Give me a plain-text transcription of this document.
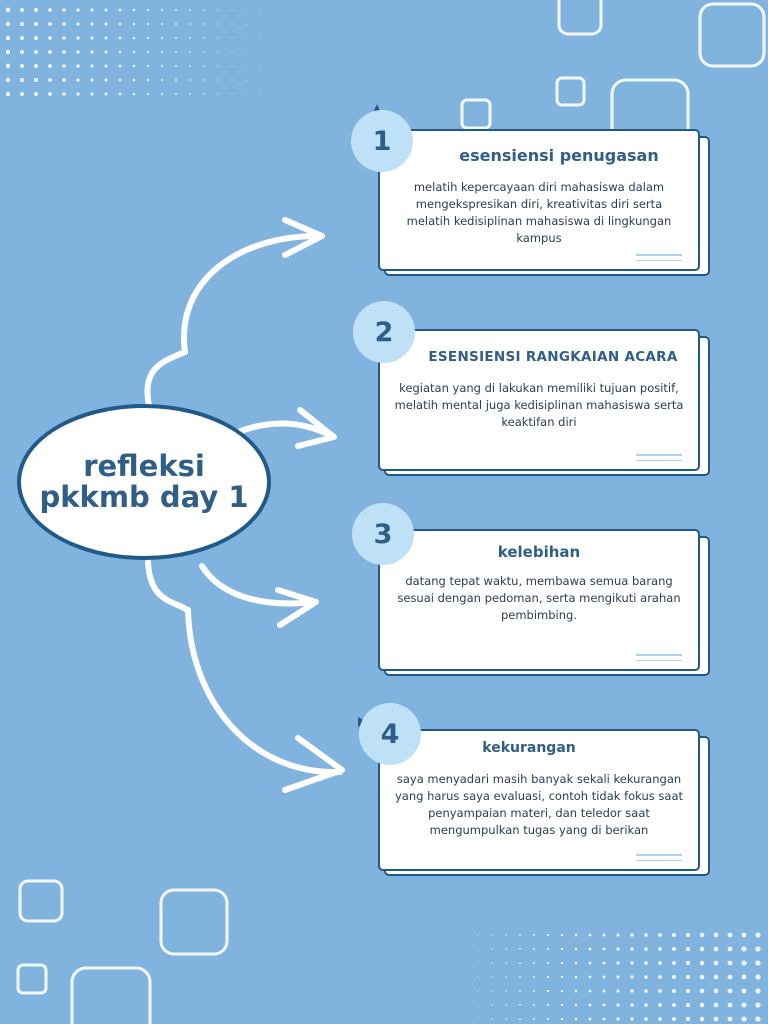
refleksi
pkkmb day 1
esensiensi penugasan
melatih kepercayaan diri mahasiswa dalam mengekspresikan diri, kreativitas diri serta melatih kedisiplinan mahasiswa di lingkungan kampus
1
ESENSIENSI RANGKAIAN ACARA
kegiatan yang di lakukan memiliki tujuan positif, melatih mental juga kedisiplinan mahasiswa serta keaktifan diri
2
kelebihan
datang tepat waktu, membawa semua barang sesuai dengan pedoman, serta mengikuti arahan pembimbing.
3
kekurangan
saya menyadari masih banyak sekali kekurangan yang harus saya evaluasi, contoh tidak fokus saat penyampaian materi, dan teledor saat mengumpulkan tugas yang di berikan
4
